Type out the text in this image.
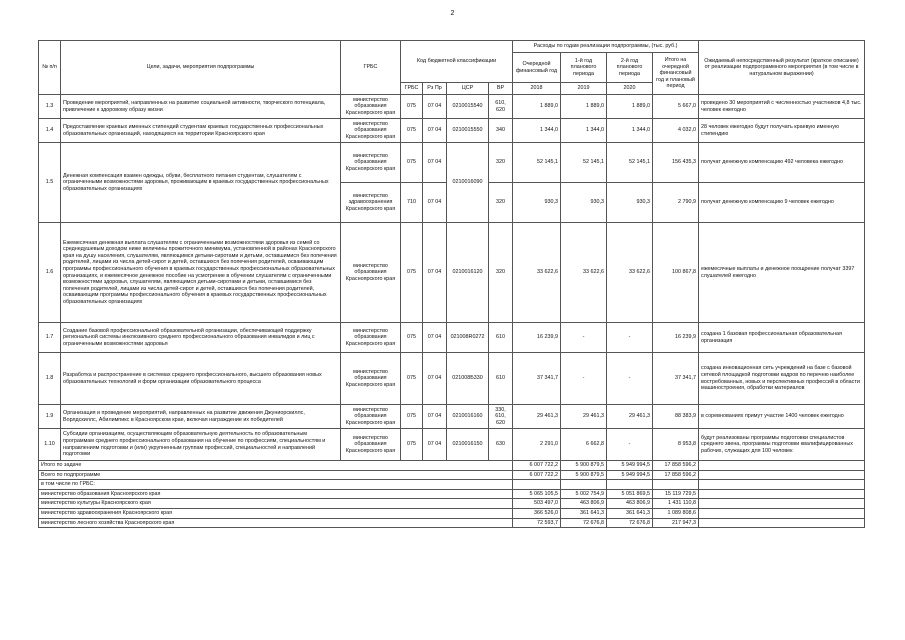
2
№ п/п	Цели, задачи, мероприятия подпрограммы	ГРБС	Код бюджетной классификации				Расходы по годам реализации подпрограммы, (тыс. руб.)				Ожидаемый непосредственный результат (краткое описание) от реализации подпрограммного мероприятия (в том числе в натуральном выражении)
							Очередной финансовый год	1-й год планового периода	2-й год планового периода	Итого на очередной финансовый год и плановый период	
			ГРБС	Рз Пр	ЦСР	ВР	2018	2019	2020		
1.3	Проведение мероприятий, направленных на развитие социальной активности, творческого потенциала, привлечение к здоровому образу жизни	министерство образования Красноярского края	075	07 04	0210015540	610, 620	1 889,0	1 889,0	1 889,0	5 667,0	проведено 30 мероприятий с численностью участников 4,8 тыс. человек ежегодно
1.4	Предоставление краевых именных стипендий студентам краевых государственных профессиональных образовательных организаций, находящихся на территории Красноярского края	министерство образования Красноярского края	075	07 04	0210015550	340	1 344,0	1 344,0	1 344,0	4 032,0	28 человек ежегодно будут получать краевую именную стипендию
1.5	Денежная компенсация взамен одежды, обуви, бесплатного питания студентам, слушателям с ограниченными возможностями здоровья, проживающим в краевых государственных профессиональных образовательных организациях	министерство образования Красноярского края	075	07 04	0210016090	320	52 145,1	52 145,1	52 145,1	156 435,3	получат денежную компенсацию 492 человека ежегодно
		министерство здравоохранения Красноярского края	710	07 04		320	930,3	930,3	930,3	2 790,9	получат денежную компенсацию 9 человек ежегодно
1.6	Ежемесячная денежная выплата слушателям с ограниченными возможностями здоровья из семей со среднедушевым доходом ниже величины прожиточного минимума, установленной в районах Красноярского края на душу населения, слушателям, являющимся детьми-сиротами и детьми, оставшимися без попечения родителей, лицами из числа детей-сирот и детей, оставшихся без попечения родителей, осваивающим программы профессионального обучения в краевых государственных профессиональных образовательных организациях, и ежемесячное денежное пособие на усмотрение в обучении слушателям с ограниченными возможностями здоровья, слушателям, являющимся детьми-сиротами и детьми, оставшимися без попечения родителей, лицами из числа детей-сирот и детей, оставшихся без попечения родителей, осваивающим программы профессионального обучения в краевых государственных профессиональных образовательных организациях	министерство образования Красноярского края	075	07 04	0210016120	320	33 622,6	33 622,6	33 622,6	100 867,8	ежемесячные выплаты и денежное поощрение получат 3397 слушателей ежегодно
1.7	Создание базовой профессиональной образовательной организации, обеспечивающей поддержку региональной системы инклюзивного среднего профессионального образования инвалидов и лиц с ограниченными возможностями здоровья	министерство образования Красноярского края	075	07 04	021008R0272	610	16 239,9	-	-	16 239,9	создана 1 базовая профессиональная образовательная организация
1.8	Разработка и распространение в системах среднего профессионального, высшего образования новых образовательных технологий и форм организации образовательного процесса	министерство образования Красноярского края	075	07 04	021008Б330	610	37 341,7	-	-	37 341,7	создана инновационная сеть учреждений на базе с базовой сетевой площадкой подготовки кадров по перечню наиболее востребованных, новых и перспективных профессий в области машиностроения, обработки материалов
1.9	Организация и проведение мероприятий, направленных на развитие движения Джуниорскиллс, Ворлдскиллс, Абилимпикс в Красноярском крае, включая награждение их победителей	министерство образования Красноярского края	075	07 04	0210016160	330, 610, 620	29 461,3	29 461,3	29 461,3	88 383,9	в соревнованиях примут участие 1400 человек ежегодно
1.10	Субсидии организациям, осуществляющим образовательную деятельность по образовательным программам среднего профессионального образования на обучение по профессиям, специальностям и направлениям подготовки и (или) укрупненным группам профессий, специальностей и направлений подготовки	министерство образования Красноярского края	075	07 04	0210016150	630	2 291,0	6 662,8	-	8 953,8	будут реализованы программы подготовки специалистов среднего звена, программы подготовки квалифицированных рабочих, служащих для 100 человек
Итого по задаче							6 007 722,2	5 900 879,5	5 949 994,5	17 858 596,2	
Всего по подпрограмме							6 007 722,2	5 900 879,5	5 949 994,5	17 858 596,2	
в том числе по ГРБС:											
министерство образования Красноярского края							5 065 105,5	5 002 754,9	5 051 869,5	15 119 729,5	
министерство культуры Красноярского края							503 497,0	463 806,9	463 806,9	1 431 110,8	
министерство здравоохранения Красноярского края							366 526,0	361 641,3	361 641,3	1 089 808,6	
министерство лесного хозяйства Красноярского края							72 593,7	72 676,8	72 676,8	217 947,3	
